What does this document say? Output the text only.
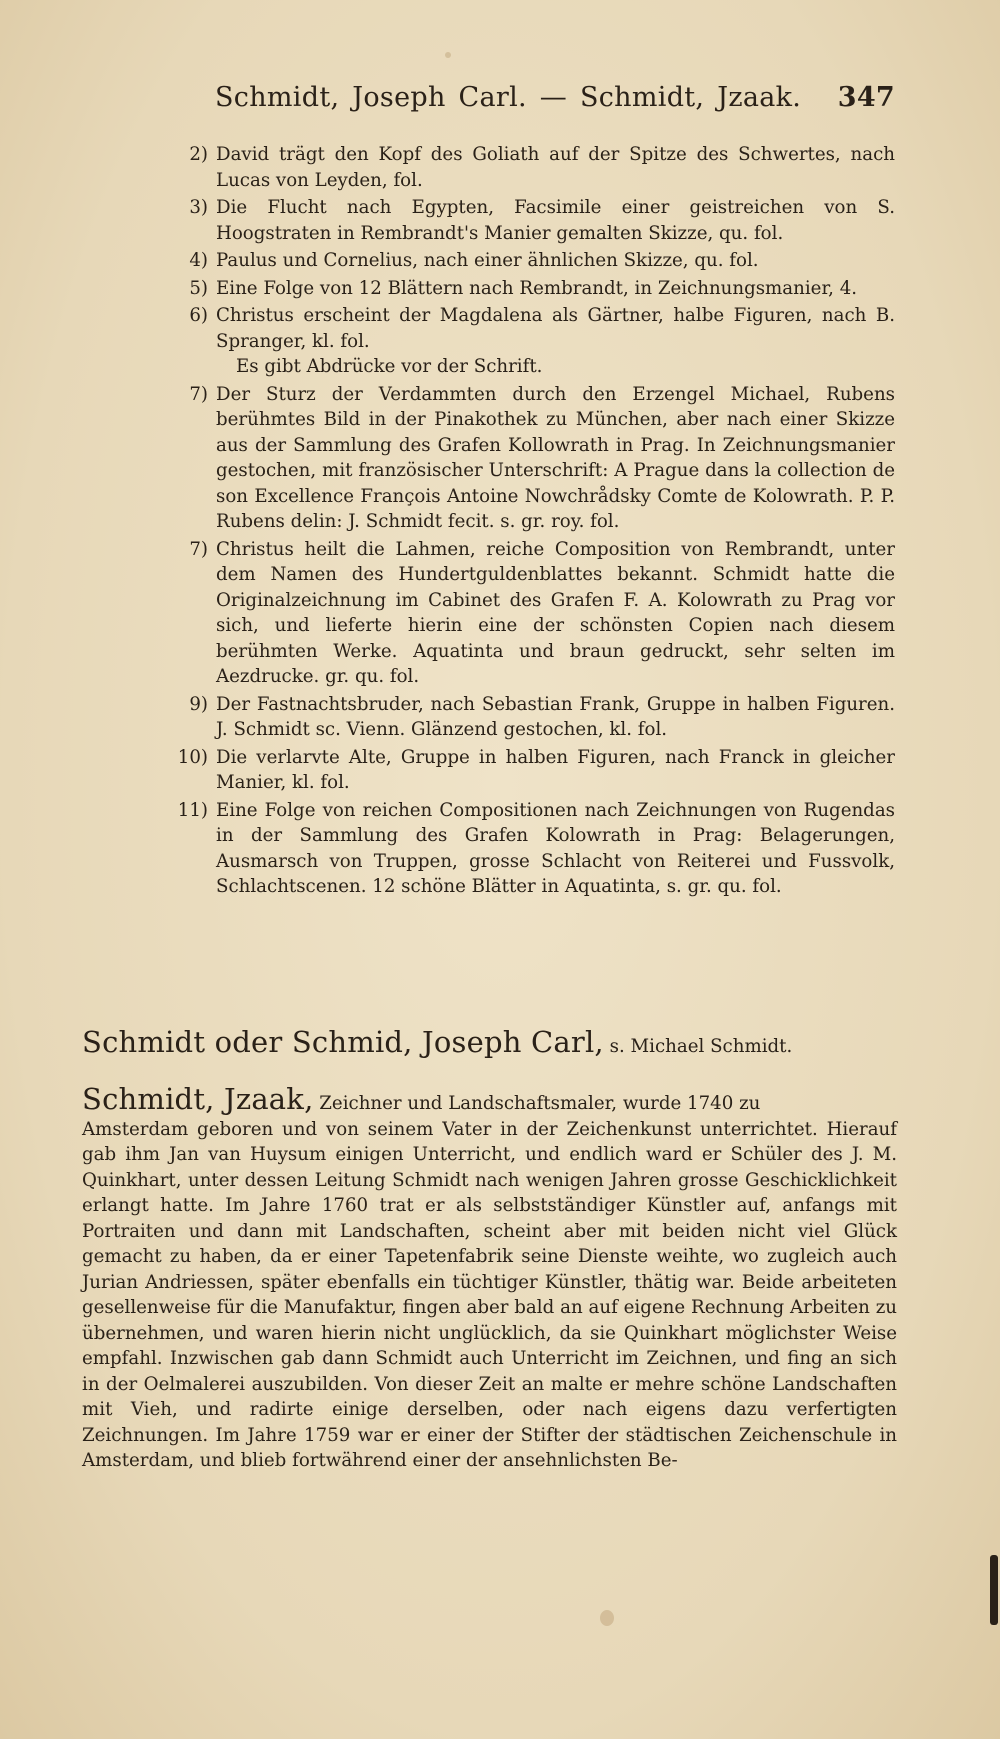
Schmidt, Joseph Carl. — Schmidt, Jzaak. 347
2) David trägt den Kopf des Goliath auf der Spitze des Schwertes, nach Lucas von Leyden, fol.
3) Die Flucht nach Egypten, Facsimile einer geistreichen von S. Hoogstraten in Rembrandt's Manier gemalten Skizze, qu. fol.
4) Paulus und Cornelius, nach einer ähnlichen Skizze, qu. fol.
5) Eine Folge von 12 Blättern nach Rembrandt, in Zeichnungsmanier, 4.
6) Christus erscheint der Magdalena als Gärtner, halbe Figuren, nach B. Spranger, kl. fol.
Es gibt Abdrücke vor der Schrift.
7) Der Sturz der Verdammten durch den Erzengel Michael, Rubens berühmtes Bild in der Pinakothek zu München, aber nach einer Skizze aus der Sammlung des Grafen Kollowrath in Prag. In Zeichnungsmanier gestochen, mit französischer Unterschrift: A Prague dans la collection de son Excellence François Antoine Nowchrådsky Comte de Kolowrath. P. P. Rubens delin: J. Schmidt fecit. s. gr. roy. fol.
7) Christus heilt die Lahmen, reiche Composition von Rembrandt, unter dem Namen des Hundertguldenblattes bekannt. Schmidt hatte die Originalzeichnung im Cabinet des Grafen F. A. Kolowrath zu Prag vor sich, und lieferte hierin eine der schönsten Copien nach diesem berühmten Werke. Aquatinta und braun gedruckt, sehr selten im Aezdrucke. gr. qu. fol.
9) Der Fastnachtsbruder, nach Sebastian Frank, Gruppe in halben Figuren. J. Schmidt sc. Vienn. Glänzend gestochen, kl. fol.
10) Die verlarvte Alte, Gruppe in halben Figuren, nach Franck in gleicher Manier, kl. fol.
11) Eine Folge von reichen Compositionen nach Zeichnungen von Rugendas in der Sammlung des Grafen Kolowrath in Prag: Belagerungen, Ausmarsch von Truppen, grosse Schlacht von Reiterei und Fussvolk, Schlachtscenen. 12 schöne Blätter in Aquatinta, s. gr. qu. fol.
Schmidt oder Schmid, Joseph Carl, s. Michael Schmidt.
Schmidt, Jzaak, Zeichner und Landschaftsmaler, wurde 1740 zu
Amsterdam geboren und von seinem Vater in der Zeichenkunst unterrichtet. Hierauf gab ihm Jan van Huysum einigen Unterricht, und endlich ward er Schüler des J. M. Quinkhart, unter dessen Leitung Schmidt nach wenigen Jahren grosse Geschicklichkeit erlangt hatte. Im Jahre 1760 trat er als selbstständiger Künstler auf, anfangs mit Portraiten und dann mit Landschaften, scheint aber mit beiden nicht viel Glück gemacht zu haben, da er einer Tapetenfabrik seine Dienste weihte, wo zugleich auch Jurian Andriessen, später ebenfalls ein tüchtiger Künstler, thätig war. Beide arbeiteten gesellenweise für die Manufaktur, fingen aber bald an auf eigene Rechnung Arbeiten zu übernehmen, und waren hierin nicht unglücklich, da sie Quinkhart möglichster Weise empfahl. Inzwischen gab dann Schmidt auch Unterricht im Zeichnen, und fing an sich in der Oelmalerei auszubilden. Von dieser Zeit an malte er mehre schöne Landschaften mit Vieh, und radirte einige derselben, oder nach eigens dazu verfertigten Zeichnungen. Im Jahre 1759 war er einer der Stifter der städtischen Zeichenschule in Amsterdam, und blieb fortwährend einer der ansehnlichsten Be-
